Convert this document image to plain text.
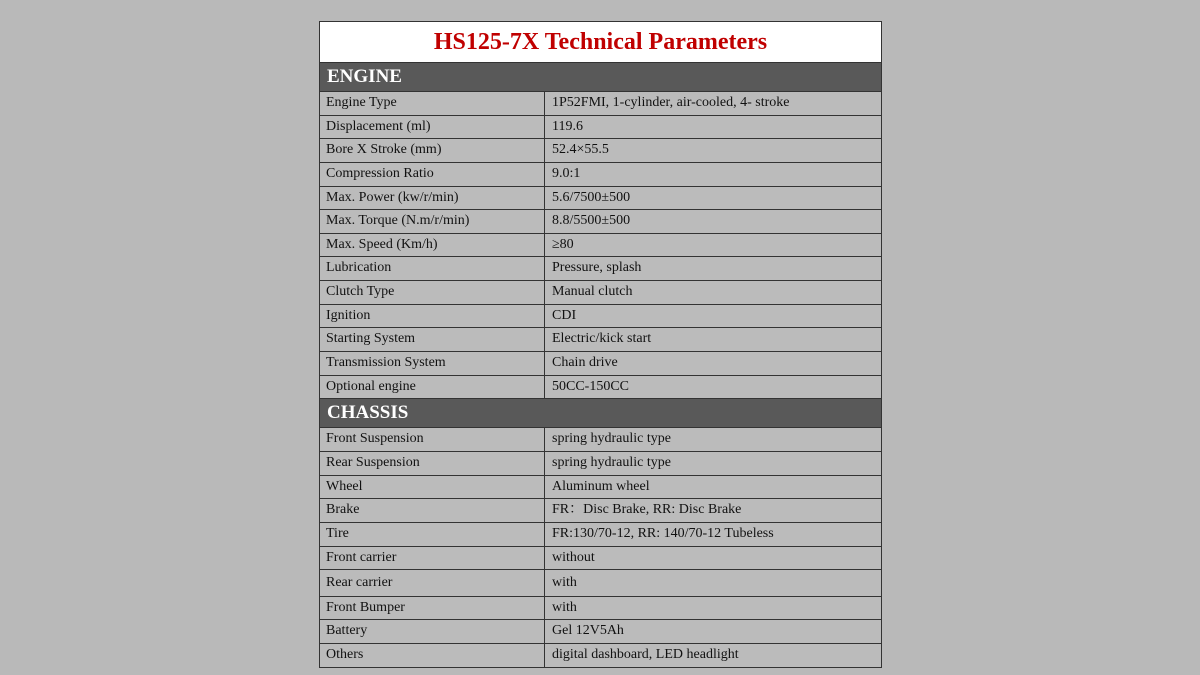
HS125-7X Technical Parameters
ENGINE
Engine Type	1P52FMI, 1-cylinder, air-cooled, 4- stroke
Displacement (ml)	119.6
Bore X Stroke (mm)	52.4×55.5
Compression Ratio	9.0:1
Max. Power (kw/r/min)	5.6/7500±500
Max. Torque (N.m/r/min)	8.8/5500±500
Max. Speed (Km/h)	≥80
Lubrication	Pressure, splash
Clutch Type	Manual clutch
Ignition	CDI
Starting System	Electric/kick start
Transmission System	Chain drive
Optional engine	50CC-150CC
CHASSIS
Front Suspension	spring hydraulic type
Rear Suspension	spring hydraulic type
Wheel	Aluminum wheel
Brake	FR：Disc Brake, RR: Disc Brake
Tire	FR:130/70-12, RR: 140/70-12 Tubeless
Front carrier	without
Rear carrier	with
Front Bumper	with
Battery	Gel 12V5Ah
Others	digital dashboard, LED headlight
